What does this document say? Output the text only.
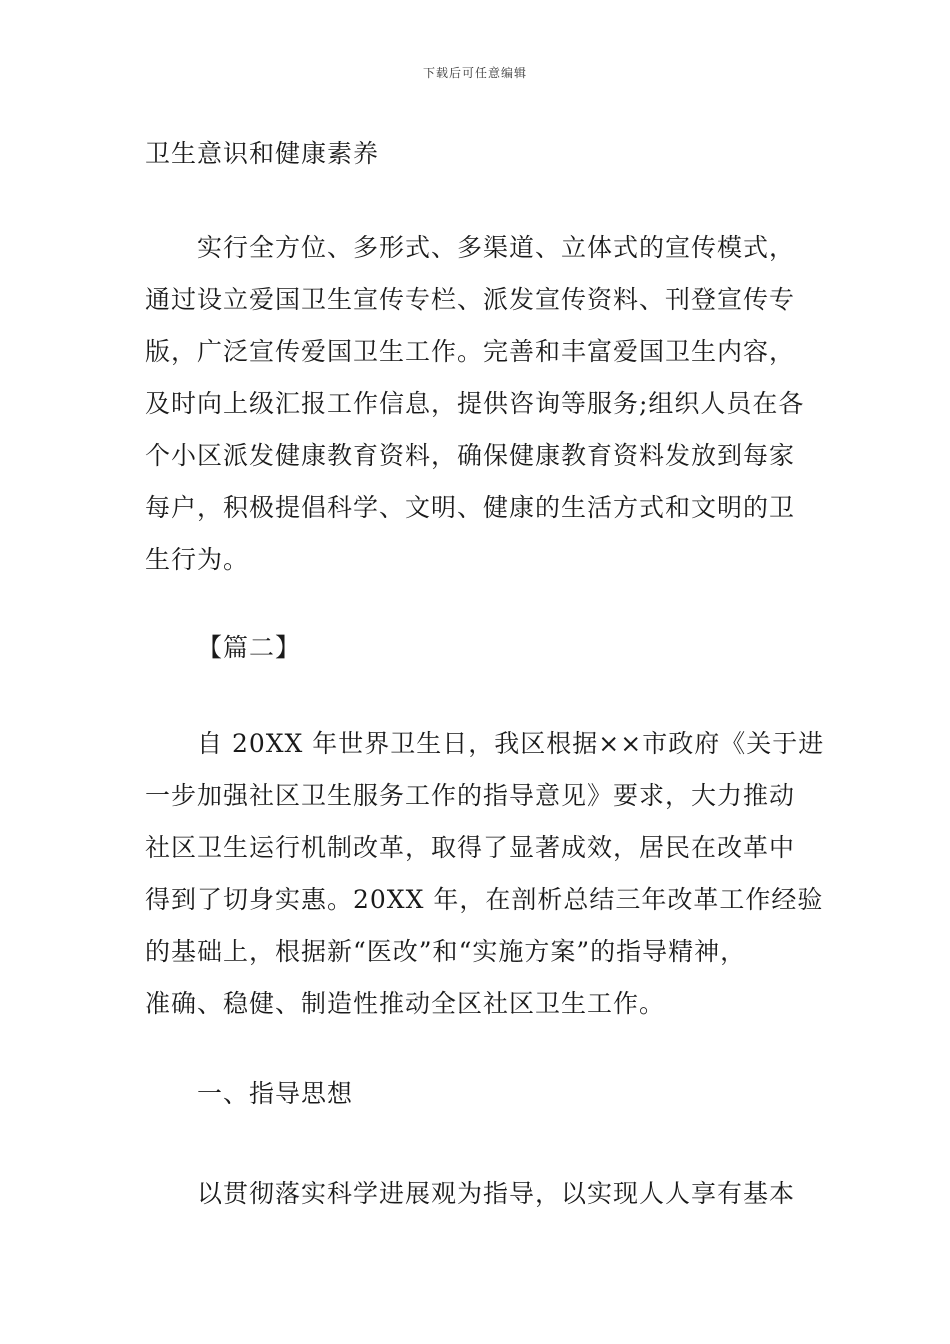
下载后可任意编辑
卫生意识和健康素养
实行全方位、多形式、多渠道、立体式的宣传模式，
通过设立爱国卫生宣传专栏、派发宣传资料、刊登宣传专
版，广泛宣传爱国卫生工作。完善和丰富爱国卫生内容，
及时向上级汇报工作信息，提供咨询等服务;组织人员在各
个小区派发健康教育资料，确保健康教育资料发放到每家
每户，积极提倡科学、文明、健康的生活方式和文明的卫
生行为。
【篇二】
自 20XX 年世界卫生日，我区根据××市政府《关于进
一步加强社区卫生服务工作的指导意见》要求，大力推动
社区卫生运行机制改革，取得了显著成效，居民在改革中
得到了切身实惠。20XX 年，在剖析总结三年改革工作经验
的基础上，根据新“医改”和“实施方案”的指导精神，
准确、稳健、制造性推动全区社区卫生工作。
一、指导思想
以贯彻落实科学进展观为指导，以实现人人享有基本
